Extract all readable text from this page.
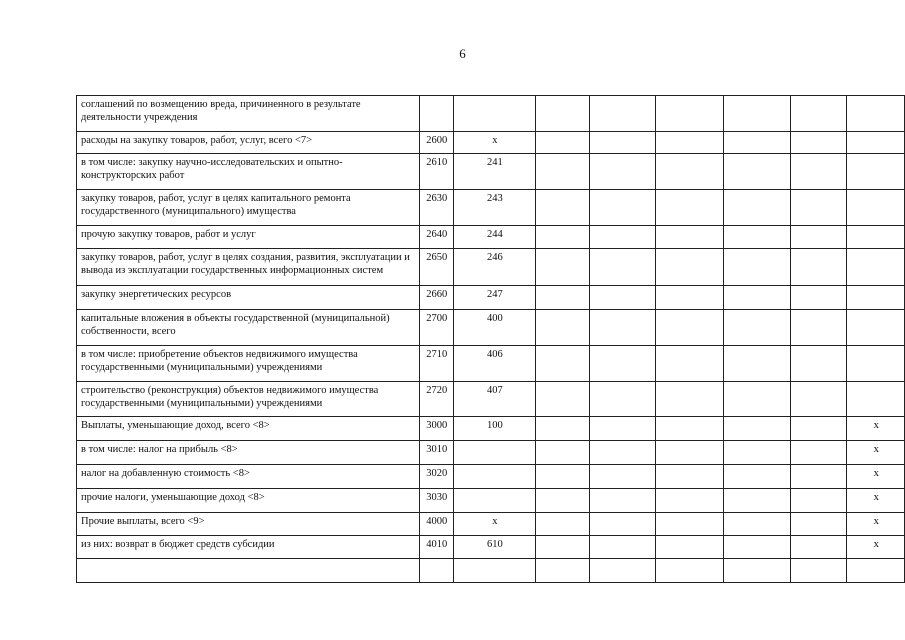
6
соглашений по возмещению вреда, причиненного в результате деятельности учреждения								
расходы на закупку товаров, работ, услуг, всего <7>	2600	x						
в том числе: закупку научно-исследовательских и опытно-конструкторских работ	2610	241						
закупку товаров, работ, услуг в целях капитального ремонта государственного (муниципального) имущества	2630	243						
прочую закупку товаров, работ и услуг	2640	244						
закупку товаров, работ, услуг в целях создания, развития, эксплуатации и вывода из эксплуатации государственных информационных систем	2650	246						
закупку энергетических ресурсов	2660	247						
капитальные вложения в объекты государственной (муниципальной) собственности, всего	2700	400						
в том числе: приобретение объектов недвижимого имущества государственными (муниципальными) учреждениями	2710	406						
строительство (реконструкция) объектов недвижимого имущества государственными (муниципальными) учреждениями	2720	407						
Выплаты, уменьшающие доход, всего <8>	3000	100						x
в том числе: налог на прибыль <8>	3010							x
налог на добавленную стоимость <8>	3020							x
прочие налоги, уменьшающие доход <8>	3030							x
Прочие выплаты, всего <9>	4000	x						x
из них: возврат в бюджет средств субсидии	4010	610						x
